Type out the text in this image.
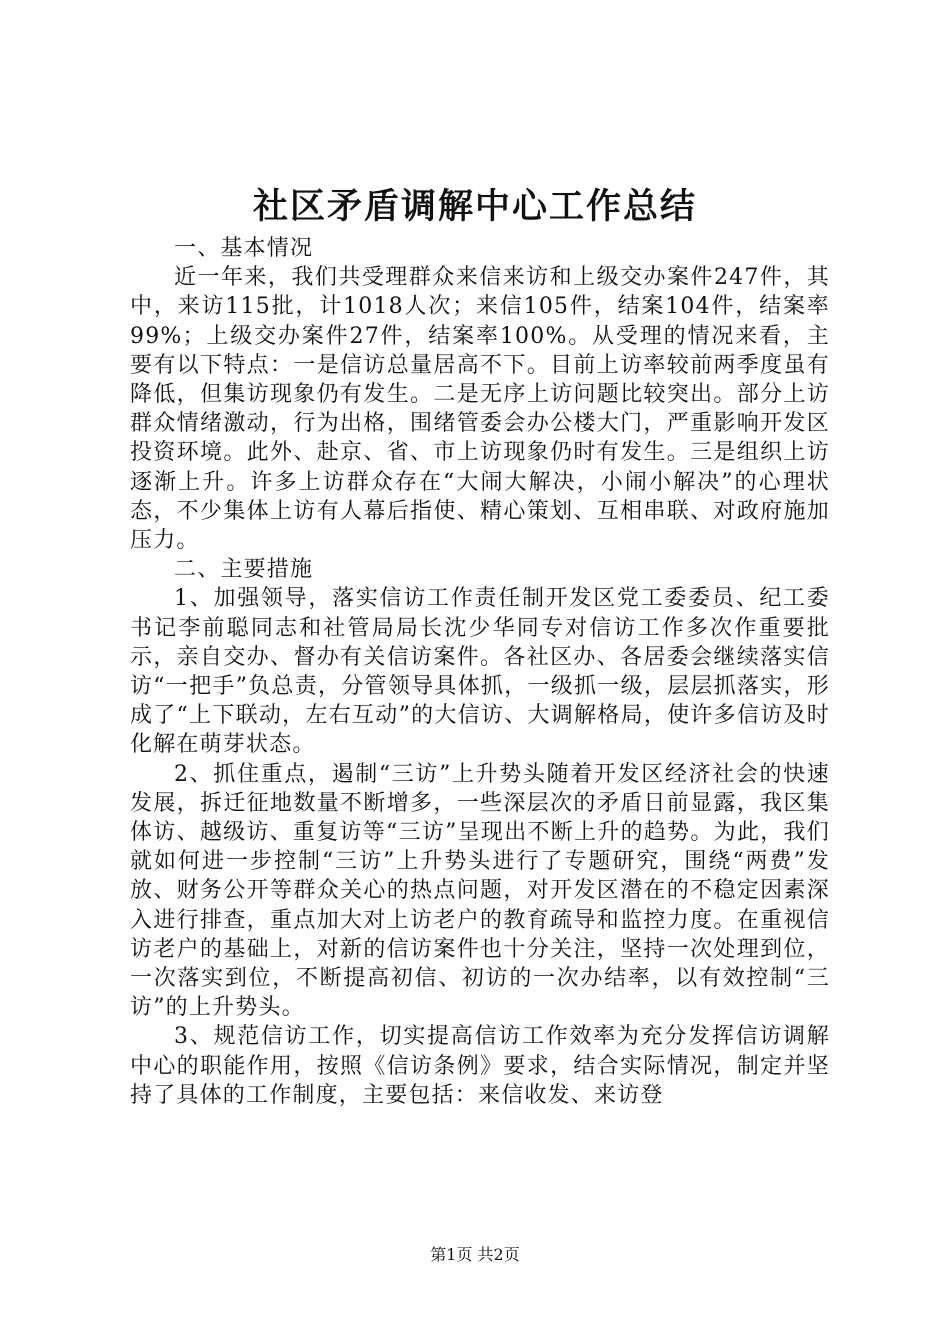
社区矛盾调解中心工作总结

一、基本情况

近一年来，我们共受理群众来信来访和上级交办案件247件，其中，来访115批，计1018人次；来信105件，结案104件，结案率99%；上级交办案件27件，结案率100%。从受理的情况来看，主要有以下特点：一是信访总量居高不下。目前上访率较前两季度虽有降低，但集访现象仍有发生。二是无序上访问题比较突出。部分上访群众情绪激动，行为出格，围绪管委会办公楼大门，严重影响开发区投资环境。此外、赴京、省、市上访现象仍时有发生。三是组织上访逐渐上升。许多上访群众存在“大闹大解决，小闹小解决”的心理状态，不少集体上访有人幕后指使、精心策划、互相串联、对政府施加压力。

二、主要措施

1、加强领导，落实信访工作责任制开发区党工委委员、纪工委书记李前聪同志和社管局局长沈少华同专对信访工作多次作重要批示，亲自交办、督办有关信访案件。各社区办、各居委会继续落实信访“一把手”负总责，分管领导具体抓，一级抓一级，层层抓落实，形成了“上下联动，左右互动”的大信访、大调解格局，使许多信访及时化解在萌芽状态。

2、抓住重点，遏制“三访”上升势头随着开发区经济社会的快速发展，拆迁征地数量不断增多，一些深层次的矛盾日前显露，我区集体访、越级访、重复访等“三访”呈现出不断上升的趋势。为此，我们就如何进一步控制“三访”上升势头进行了专题研究，围绕“两费”发放、财务公开等群众关心的热点问题，对开发区潜在的不稳定因素深入进行排查，重点加大对上访老户的教育疏导和监控力度。在重视信访老户的基础上，对新的信访案件也十分关注，坚持一次处理到位，一次落实到位，不断提高初信、初访的一次办结率，以有效控制“三访”的上升势头。

3、规范信访工作，切实提高信访工作效率为充分发挥信访调解中心的职能作用，按照《信访条例》要求，结合实际情况，制定并坚持了具体的工作制度，主要包括：来信收发、来访登

第1页 共2页
